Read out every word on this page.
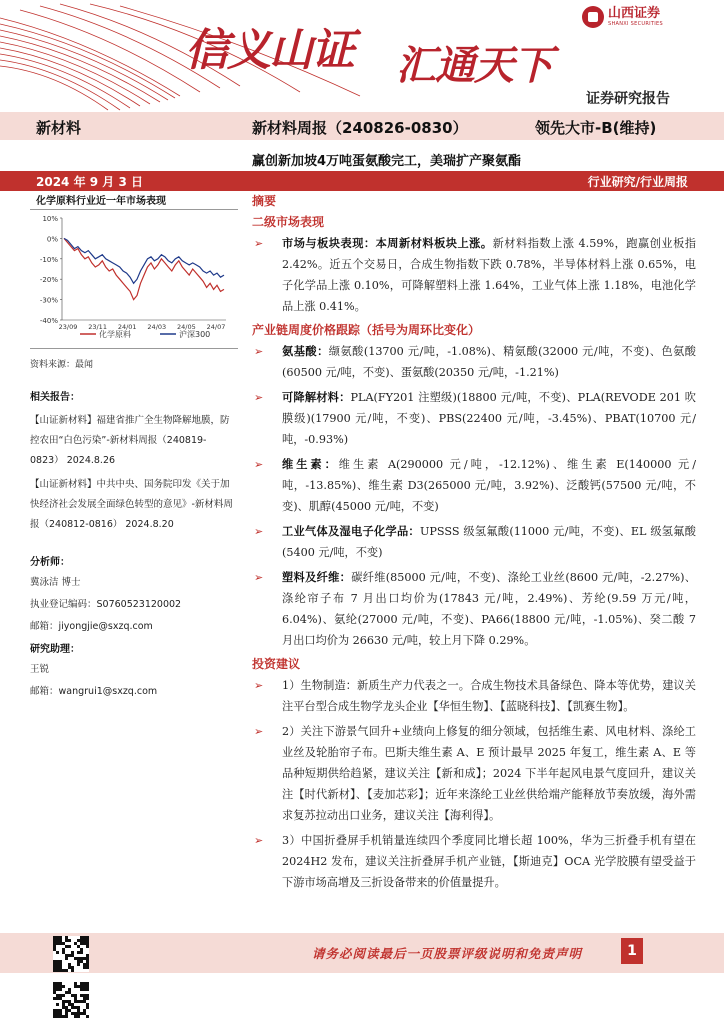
信义山证 汇通天下
山西证券
SHANXI SECURITIES
证券研究报告
新材料	新材料周报（240826-0830）	领先大市-B(维持)
赢创新加坡4万吨蛋氨酸完工，美瑞扩产聚氨酯
2024 年 9 月 3 日	行业研究/行业周报
化学原料行业近一年市场表现
10%
0%
-10%
-20%
-30%
-40%
23/09 23/11 24/01 24/03 24/05 24/07
化学原料	沪深300
资料来源：最闻
相关报告：

【山证新材料】福建省推广全生物降解地膜，防控农田“白色污染”-新材料周报（240819-0823） 2024.8.26

【山证新材料】中共中央、国务院印发《关于加快经济社会发展全面绿色转型的意见》-新材料周报（240812-0816） 2024.8.20

分析师：
冀泳洁 博士
执业登记编码：S0760523120002
邮箱：jiyongjie@sxzq.com
研究助理：
王锐
邮箱：wangrui1@sxzq.com
摘要
二级市场表现
➢ 市场与板块表现：本周新材料板块上涨。新材料指数上涨 4.59%，跑赢创业板指 2.42%。近五个交易日，合成生物指数下跌 0.78%，半导体材料上涨 0.65%，电子化学品上涨 0.10%，可降解塑料上涨 1.64%，工业气体上涨 1.18%，电池化学品上涨 0.41%。
产业链周度价格跟踪（括号为周环比变化）
➢ 氨基酸：缬氨酸(13700 元/吨，-1.08%)、精氨酸(32000 元/吨，不变)、色氨酸(60500 元/吨，不变)、蛋氨酸(20350 元/吨，-1.21%)
➢ 可降解材料：PLA(FY201 注塑级)(18800 元/吨，不变)、PLA(REVODE 201 吹膜级)(17900 元/吨，不变)、PBS(22400 元/吨，-3.45%)、PBAT(10700 元/吨，-0.93%)
➢ 维生素：维生素 A(290000 元/吨，-12.12%)、维生素 E(140000 元/吨，-13.85%)、维生素 D3(265000 元/吨，3.92%)、泛酸钙(57500 元/吨，不变)、肌醇(45000 元/吨，不变)
➢ 工业气体及湿电子化学品：UPSSS 级氢氟酸(11000 元/吨，不变)、EL 级氢氟酸(5400 元/吨，不变)
➢ 塑料及纤维：碳纤维(85000 元/吨，不变)、涤纶工业丝(8600 元/吨，-2.27%)、涤纶帘子布 7 月出口均价为(17843 元/吨，2.49%)、芳纶(9.59 万元/吨，6.04%)、氨纶(27000 元/吨，不变)、PA66(18800 元/吨，-1.05%)、癸二酸 7 月出口均价为 26630 元/吨，较上月下降 0.29%。
投资建议
➢ 1）生物制造：新质生产力代表之一。合成生物技术具备绿色、降本等优势，建议关注平台型合成生物学龙头企业【华恒生物】、【蓝晓科技】、【凯赛生物】。
➢ 2）关注下游景气回升+业绩向上修复的细分领域，包括维生素、风电材料、涤纶工业丝及轮胎帘子布。巴斯夫维生素 A、E 预计最早 2025 年复工，维生素 A、E 等品种短期供给趋紧，建议关注【新和成】；2024 下半年起风电景气度回升，建议关注【时代新材】、【麦加芯彩】；近年来涤纶工业丝供给端产能释放节奏放缓，海外需求复苏拉动出口业务，建议关注【海利得】。
➢ 3）中国折叠屏手机销量连续四个季度同比增长超 100%，华为三折叠手机有望在 2024H2 发布，建议关注折叠屏手机产业链，【斯迪克】OCA 光学胶膜有望受益于下游市场高增及三折设备带来的价值量提升。
请务必阅读最后一页股票评级说明和免责声明	1
